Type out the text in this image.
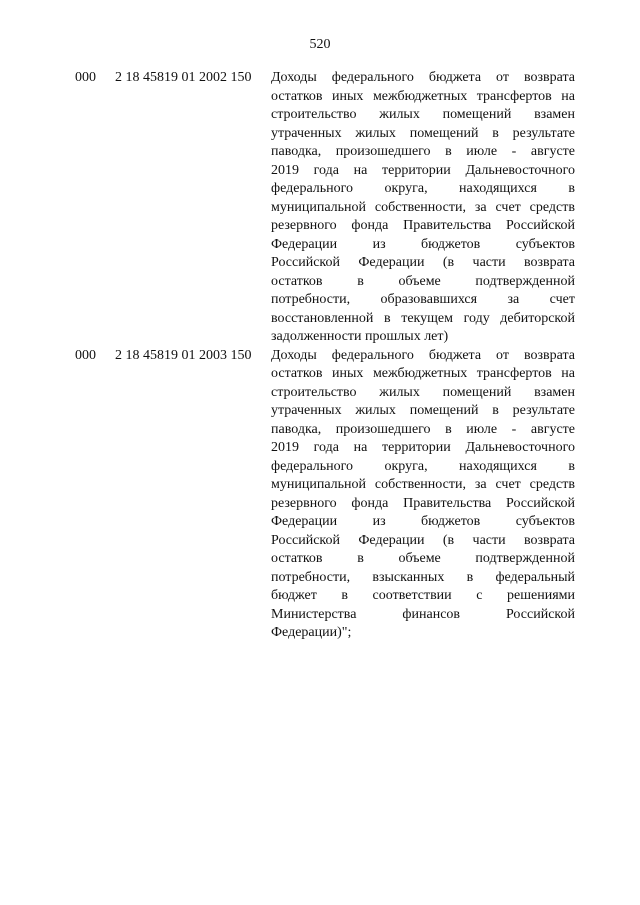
520
000	2 18 45819 01 2002 150	Доходы федерального бюджета от возврата
остатков иных межбюджетных трансфертов на
строительство жилых помещений взамен
утраченных жилых помещений в результате
паводка, произошедшего в июле - августе
2019 года на территории Дальневосточного
федерального округа, находящихся в
муниципальной собственности, за счет средств
резервного фонда Правительства Российской
Федерации из бюджетов субъектов
Российской Федерации (в части возврата
остатков в объеме подтвержденной
потребности, образовавшихся за счет
восстановленной в текущем году дебиторской
задолженности прошлых лет)
000	2 18 45819 01 2003 150	Доходы федерального бюджета от возврата
остатков иных межбюджетных трансфертов на
строительство жилых помещений взамен
утраченных жилых помещений в результате
паводка, произошедшего в июле - августе
2019 года на территории Дальневосточного
федерального округа, находящихся в
муниципальной собственности, за счет средств
резервного фонда Правительства Российской
Федерации из бюджетов субъектов
Российской Федерации (в части возврата
остатков в объеме подтвержденной
потребности, взысканных в федеральный
бюджет в соответствии с решениями
Министерства финансов Российской
Федерации)";
